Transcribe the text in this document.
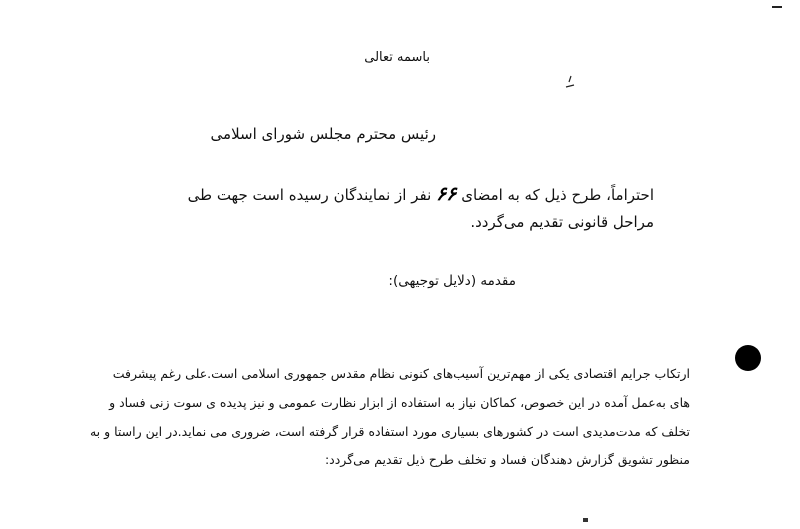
باسمه تعالی
رئیس محترم مجلس شورای اسلامی
احتراماً، طرح ذیل که به امضای ۶۶ نفر از نمایندگان رسیده است جهت طی
مراحل قانونی تقدیم می‌گردد.
مقدمه (دلایل توجیهی):
ارتکاب جرایم اقتصادی یکی از مهم‌ترین آسیب‌های کنونی نظام مقدس جمهوری اسلامی است.علی رغم پیشرفت
های به‌عمل آمده در این خصوص، کماکان نیاز به استفاده از ابزار نظارت عمومی و نیز پدیده ی سوت زنی فساد و
تخلف که مدت‌مدیدی است در کشورهای بسیاری مورد استفاده قرار گرفته است، ضروری می نماید.در این راستا و به
منظور تشویق گزارش دهندگان فساد و تخلف طرح ذیل تقدیم می‌گردد:
